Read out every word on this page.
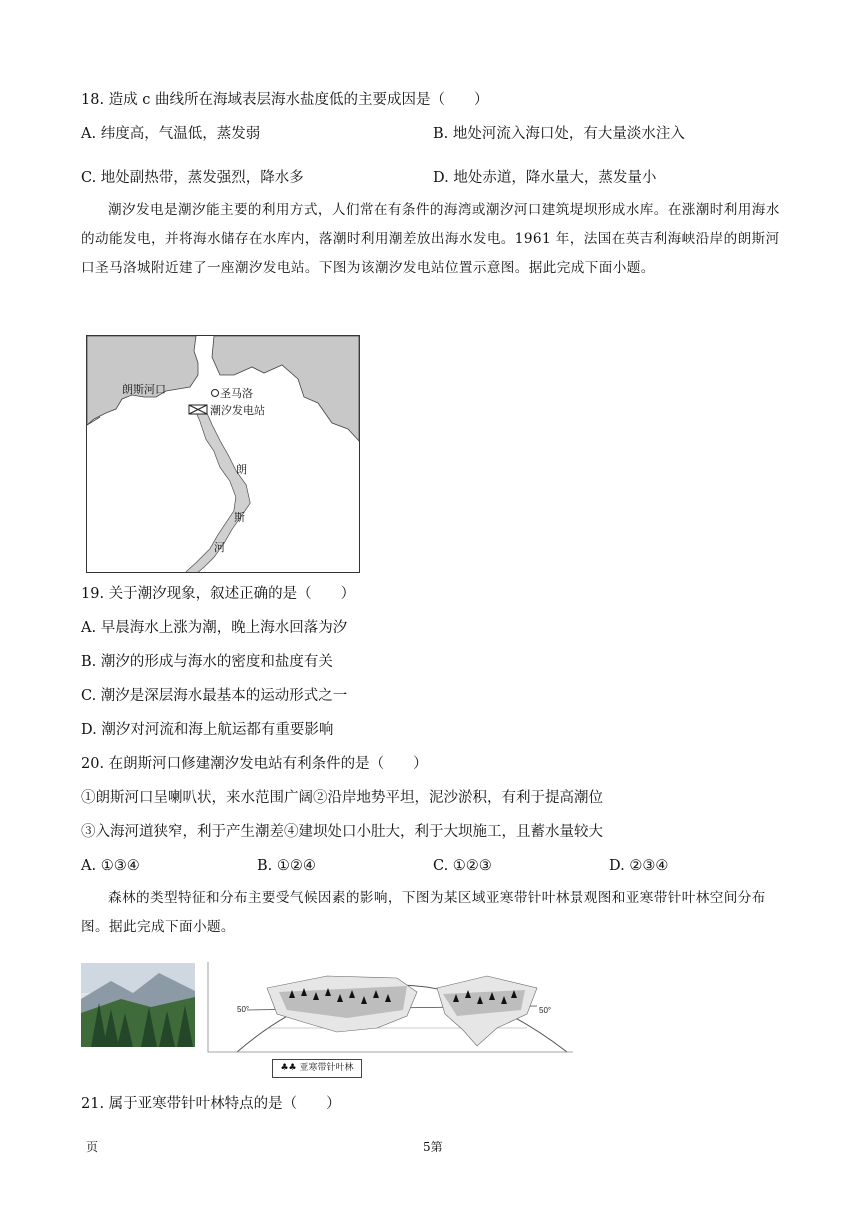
18. 造成 c 曲线所在海域表层海水盐度低的主要成因是（　　）
A. 纬度高，气温低，蒸发弱	B. 地处河流入海口处，有大量淡水注入
C. 地处副热带，蒸发强烈，降水多	D. 地处赤道，降水量大，蒸发量小
潮汐发电是潮汐能主要的利用方式，人们常在有条件的海湾或潮汐河口建筑堤坝形成水库。在涨潮时利用海水的动能发电，并将海水储存在水库内，落潮时利用潮差放出海水发电。1961 年，法国在英吉利海峡沿岸的朗斯河口圣马洛城附近建了一座潮汐发电站。下图为该潮汐发电站位置示意图。据此完成下面小题。
朗斯河口	圣马洛
潮汐发电站
朗
斯
河
19. 关于潮汐现象，叙述正确的是（　　）
A. 早晨海水上涨为潮，晚上海水回落为汐
B. 潮汐的形成与海水的密度和盐度有关
C. 潮汐是深层海水最基本的运动形式之一
D. 潮汐对河流和海上航运都有重要影响
20. 在朗斯河口修建潮汐发电站有利条件的是（　　）
①朗斯河口呈喇叭状，来水范围广阔②沿岸地势平坦，泥沙淤积，有利于提高潮位
③入海河道狭窄，利于产生潮差④建坝处口小肚大，利于大坝施工，且蓄水量较大
A. ①③④	B. ①②④	C. ①②③	D. ②③④
森林的类型特征和分布主要受气候因素的影响，下图为某区域亚寒带针叶林景观图和亚寒带针叶林空间分布图。据此完成下面小题。
50°	50°
♣♣ 亚寒带针叶林
21. 属于亚寒带针叶林特点的是（　　）
页	5第
